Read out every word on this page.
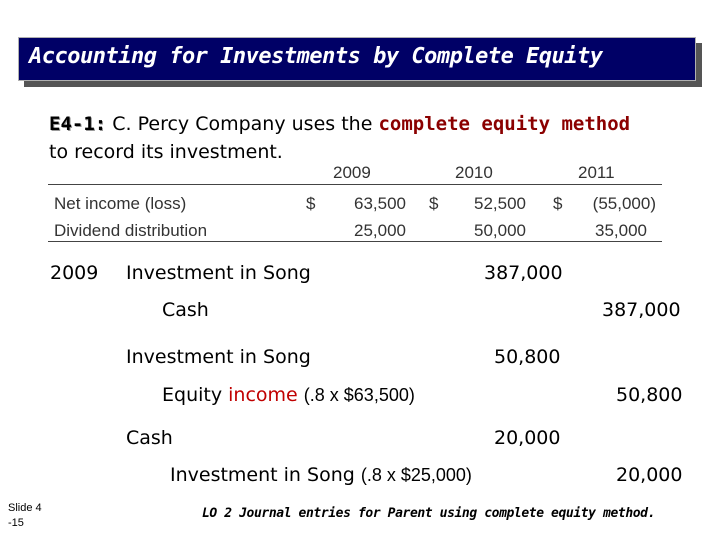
Accounting for Investments by Complete Equity
E4-1: C. Percy Company uses the complete equity method
to record its investment.
2009	2010	2011
Net income (loss)	$	63,500 $	52,500 $	(55,000)
Dividend distribution	25,000	50,000	35,000
2009 Investment in Song	387,000
Cash	387,000
Investment in Song	50,800
Equity income (.8 x $63,500)	50,800
Cash	20,000
Investment in Song (.8 x $25,000)	20,000
Slide 4
-15
LO 2 Journal entries for Parent using complete equity method.
